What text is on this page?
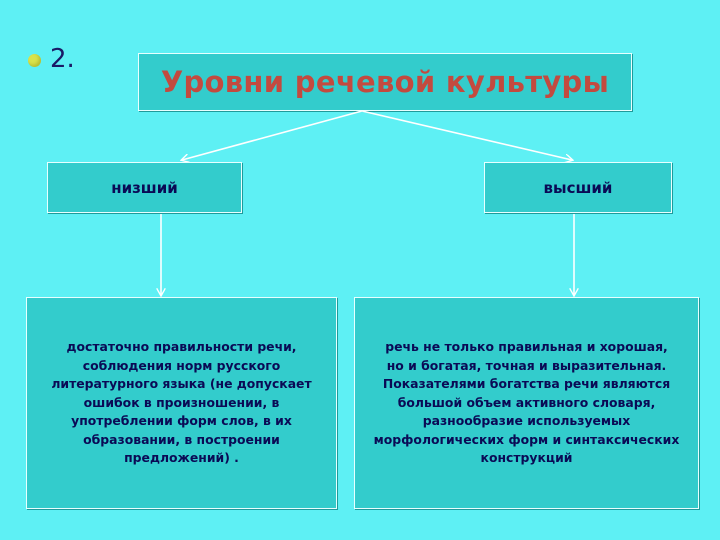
2.
Уровни речевой культуры
низший	высший
достаточно правильности речи,
соблюдения норм русского
литературного языка (не допускает
ошибок в произношении, в
употреблении форм слов, в их
образовании, в построении
предложений) .
речь не только правильная и хорошая,
но и богатая, точная и выразительная.
Показателями богатства речи являются
большой объем активного словаря,
разнообразие используемых
морфологических форм и синтаксических
конструкций
